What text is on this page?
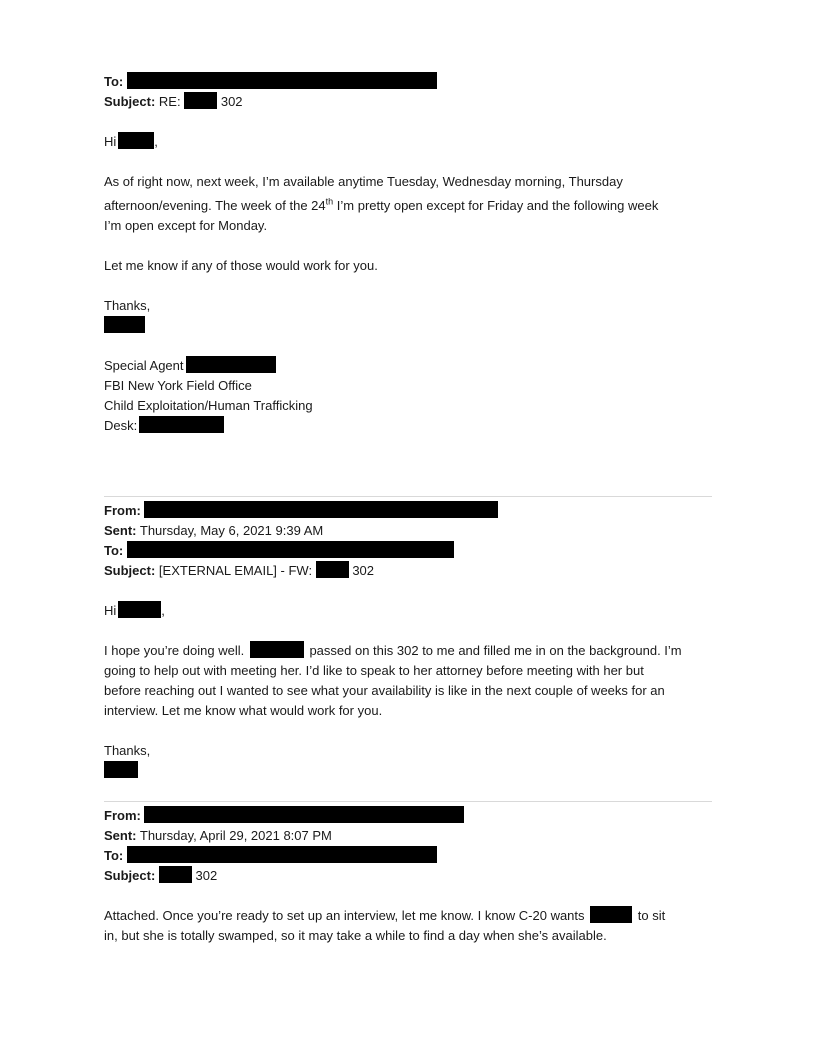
To:
Subject: RE:	302
Hi	,
As of right now, next week, I’m available anytime Tuesday, Wednesday morning, Thursday
afternoon/evening. The week of the 24th I’m pretty open except for Friday and the following week
I’m open except for Monday.
Let me know if any of those would work for you.
Thanks,
Special Agent
FBI New York Field Office
Child Exploitation/Human Trafficking
Desk:
From:
Sent: Thursday, May 6, 2021 9:39 AM
To:
Subject: [EXTERNAL EMAIL] - FW:	302
Hi	,
I hope you’re doing well.	passed on this 302 to me and filled me in on the background. I’m
going to help out with meeting her. I’d like to speak to her attorney before meeting with her but
before reaching out I wanted to see what your availability is like in the next couple of weeks for an
interview. Let me know what would work for you.
Thanks,
From:
Sent: Thursday, April 29, 2021 8:07 PM
To:
Subject:	302
Attached. Once you’re ready to set up an interview, let me know. I know C-20 wants	to sit
in, but she is totally swamped, so it may take a while to find a day when she’s available.
